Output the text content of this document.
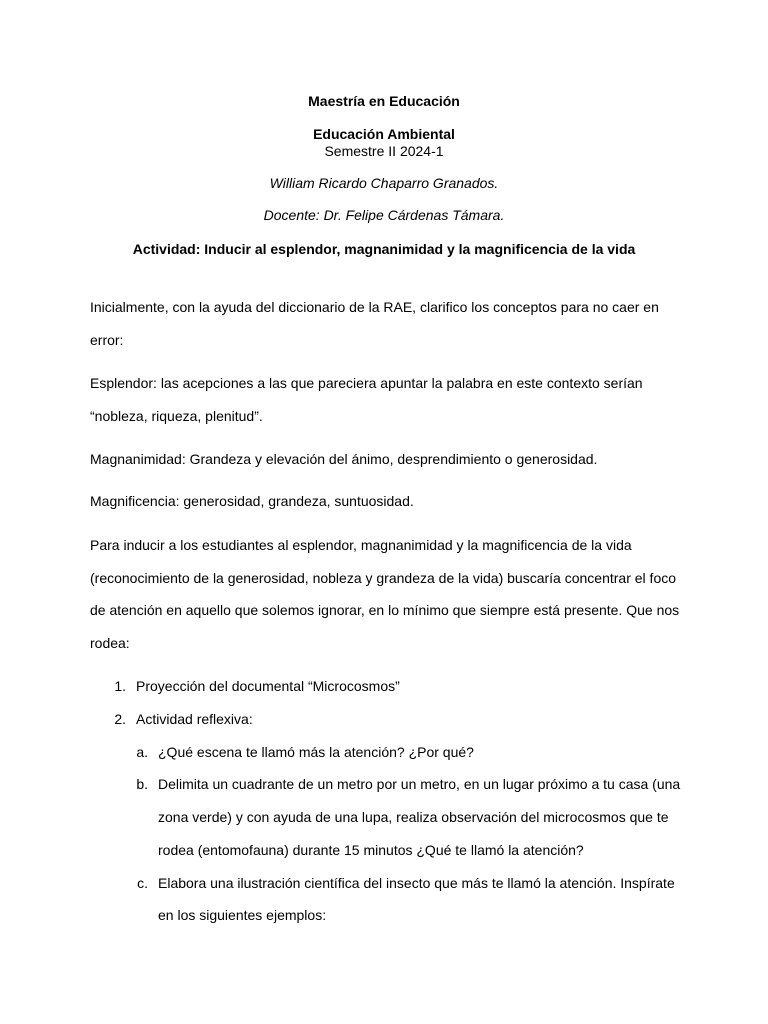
Maestría en Educación
Educación Ambiental
Semestre II 2024-1
William Ricardo Chaparro Granados.
Docente: Dr. Felipe Cárdenas Támara.
Actividad: Inducir al esplendor, magnanimidad y la magnificencia de la vida
Inicialmente, con la ayuda del diccionario de la RAE, clarifico los conceptos para no caer en
error:
Esplendor: las acepciones a las que pareciera apuntar la palabra en este contexto serían
“nobleza, riqueza, plenitud”.
Magnanimidad: Grandeza y elevación del ánimo, desprendimiento o generosidad.
Magnificencia: generosidad, grandeza, suntuosidad.
Para inducir a los estudiantes al esplendor, magnanimidad y la magnificencia de la vida
(reconocimiento de la generosidad, nobleza y grandeza de la vida) buscaría concentrar el foco
de atención en aquello que solemos ignorar, en lo mínimo que siempre está presente. Que nos
rodea:
1. Proyección del documental “Microcosmos”
2. Actividad reflexiva:
a. ¿Qué escena te llamó más la atención? ¿Por qué?
b. Delimita un cuadrante de un metro por un metro, en un lugar próximo a tu casa (una
zona verde) y con ayuda de una lupa, realiza observación del microcosmos que te
rodea (entomofauna) durante 15 minutos ¿Qué te llamó la atención?
c. Elabora una ilustración científica del insecto que más te llamó la atención. Inspírate
en los siguientes ejemplos:
